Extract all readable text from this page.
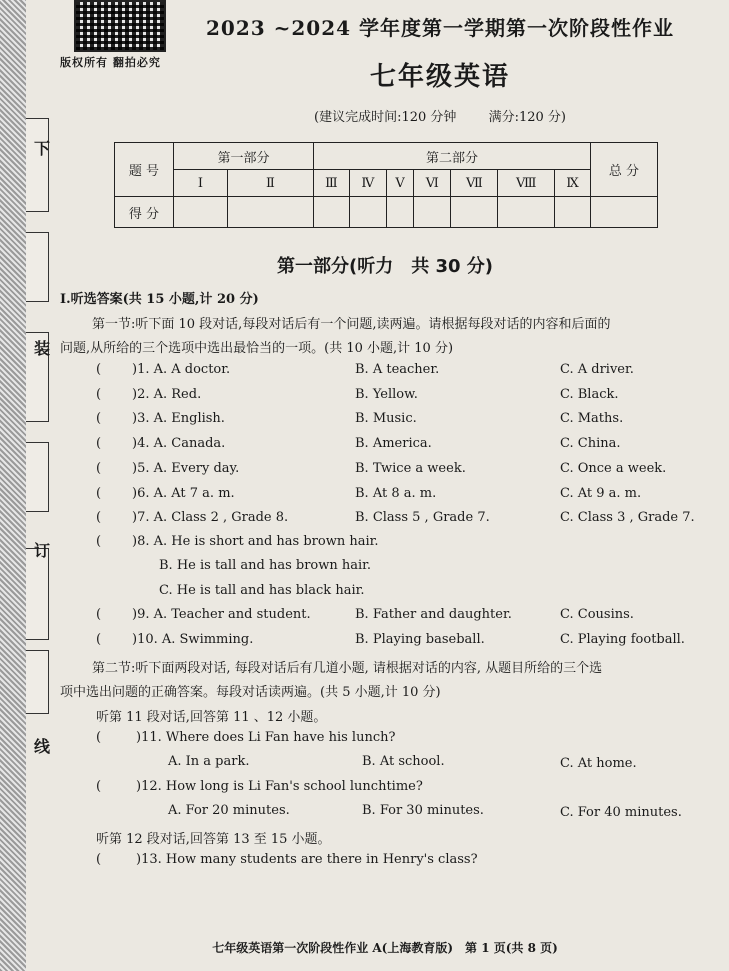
下
装
订
线
版权所有 翻拍必究
2023 ~2024 学年度第一学期第一次阶段性作业
七年级英语
(建议完成时间:120 分钟 满分:120 分)
题 号	第一部分		第二部分							总 分
	Ⅰ	Ⅱ	Ⅲ	Ⅳ	Ⅴ	Ⅵ	Ⅶ	Ⅷ	Ⅸ	
得 分										
第一部分(听力　共 30 分)
Ⅰ.听选答案(共 15 小题,计 20 分)
第一节:听下面 10 段对话,每段对话后有一个问题,读两遍。请根据每段对话的内容和后面的
问题,从所给的三个选项中选出最恰当的一项。(共 10 小题,计 10 分)
( )1. A. A doctor.	B. A teacher.	C. A driver.
( )2. A. Red.	B. Yellow.	C. Black.
( )3. A. English.	B. Music.	C. Maths.
( )4. A. Canada.	B. America.	C. China.
( )5. A. Every day.	B. Twice a week.	C. Once a week.
( )6. A. At 7 a. m.	B. At 8 a. m.	C. At 9 a. m.
( )7. A. Class 2 , Grade 8.	B. Class 5 , Grade 7.	C. Class 3 , Grade 7.
( )8. A. He is short and has brown hair.
B. He is tall and has brown hair.
C. He is tall and has black hair.
( )9. A. Teacher and student.	B. Father and daughter.	C. Cousins.
( )10. A. Swimming.	B. Playing baseball.	C. Playing football.
第二节:听下面两段对话, 每段对话后有几道小题, 请根据对话的内容, 从题目所给的三个选
项中选出问题的正确答案。每段对话读两遍。(共 5 小题,计 10 分)
听第 11 段对话,回答第 11 、12 小题。
(	)11. Where does Li Fan have his lunch?
A. In a park.	B. At school.	C. At home.
(	)12. How long is Li Fan's school lunchtime?
A. For 20 minutes.	B. For 30 minutes.	C. For 40 minutes.
听第 12 段对话,回答第 13 至 15 小题。
(	)13. How many students are there in Henry's class?
七年级英语第一次阶段性作业 A(上海教育版)　第 1 页(共 8 页)
